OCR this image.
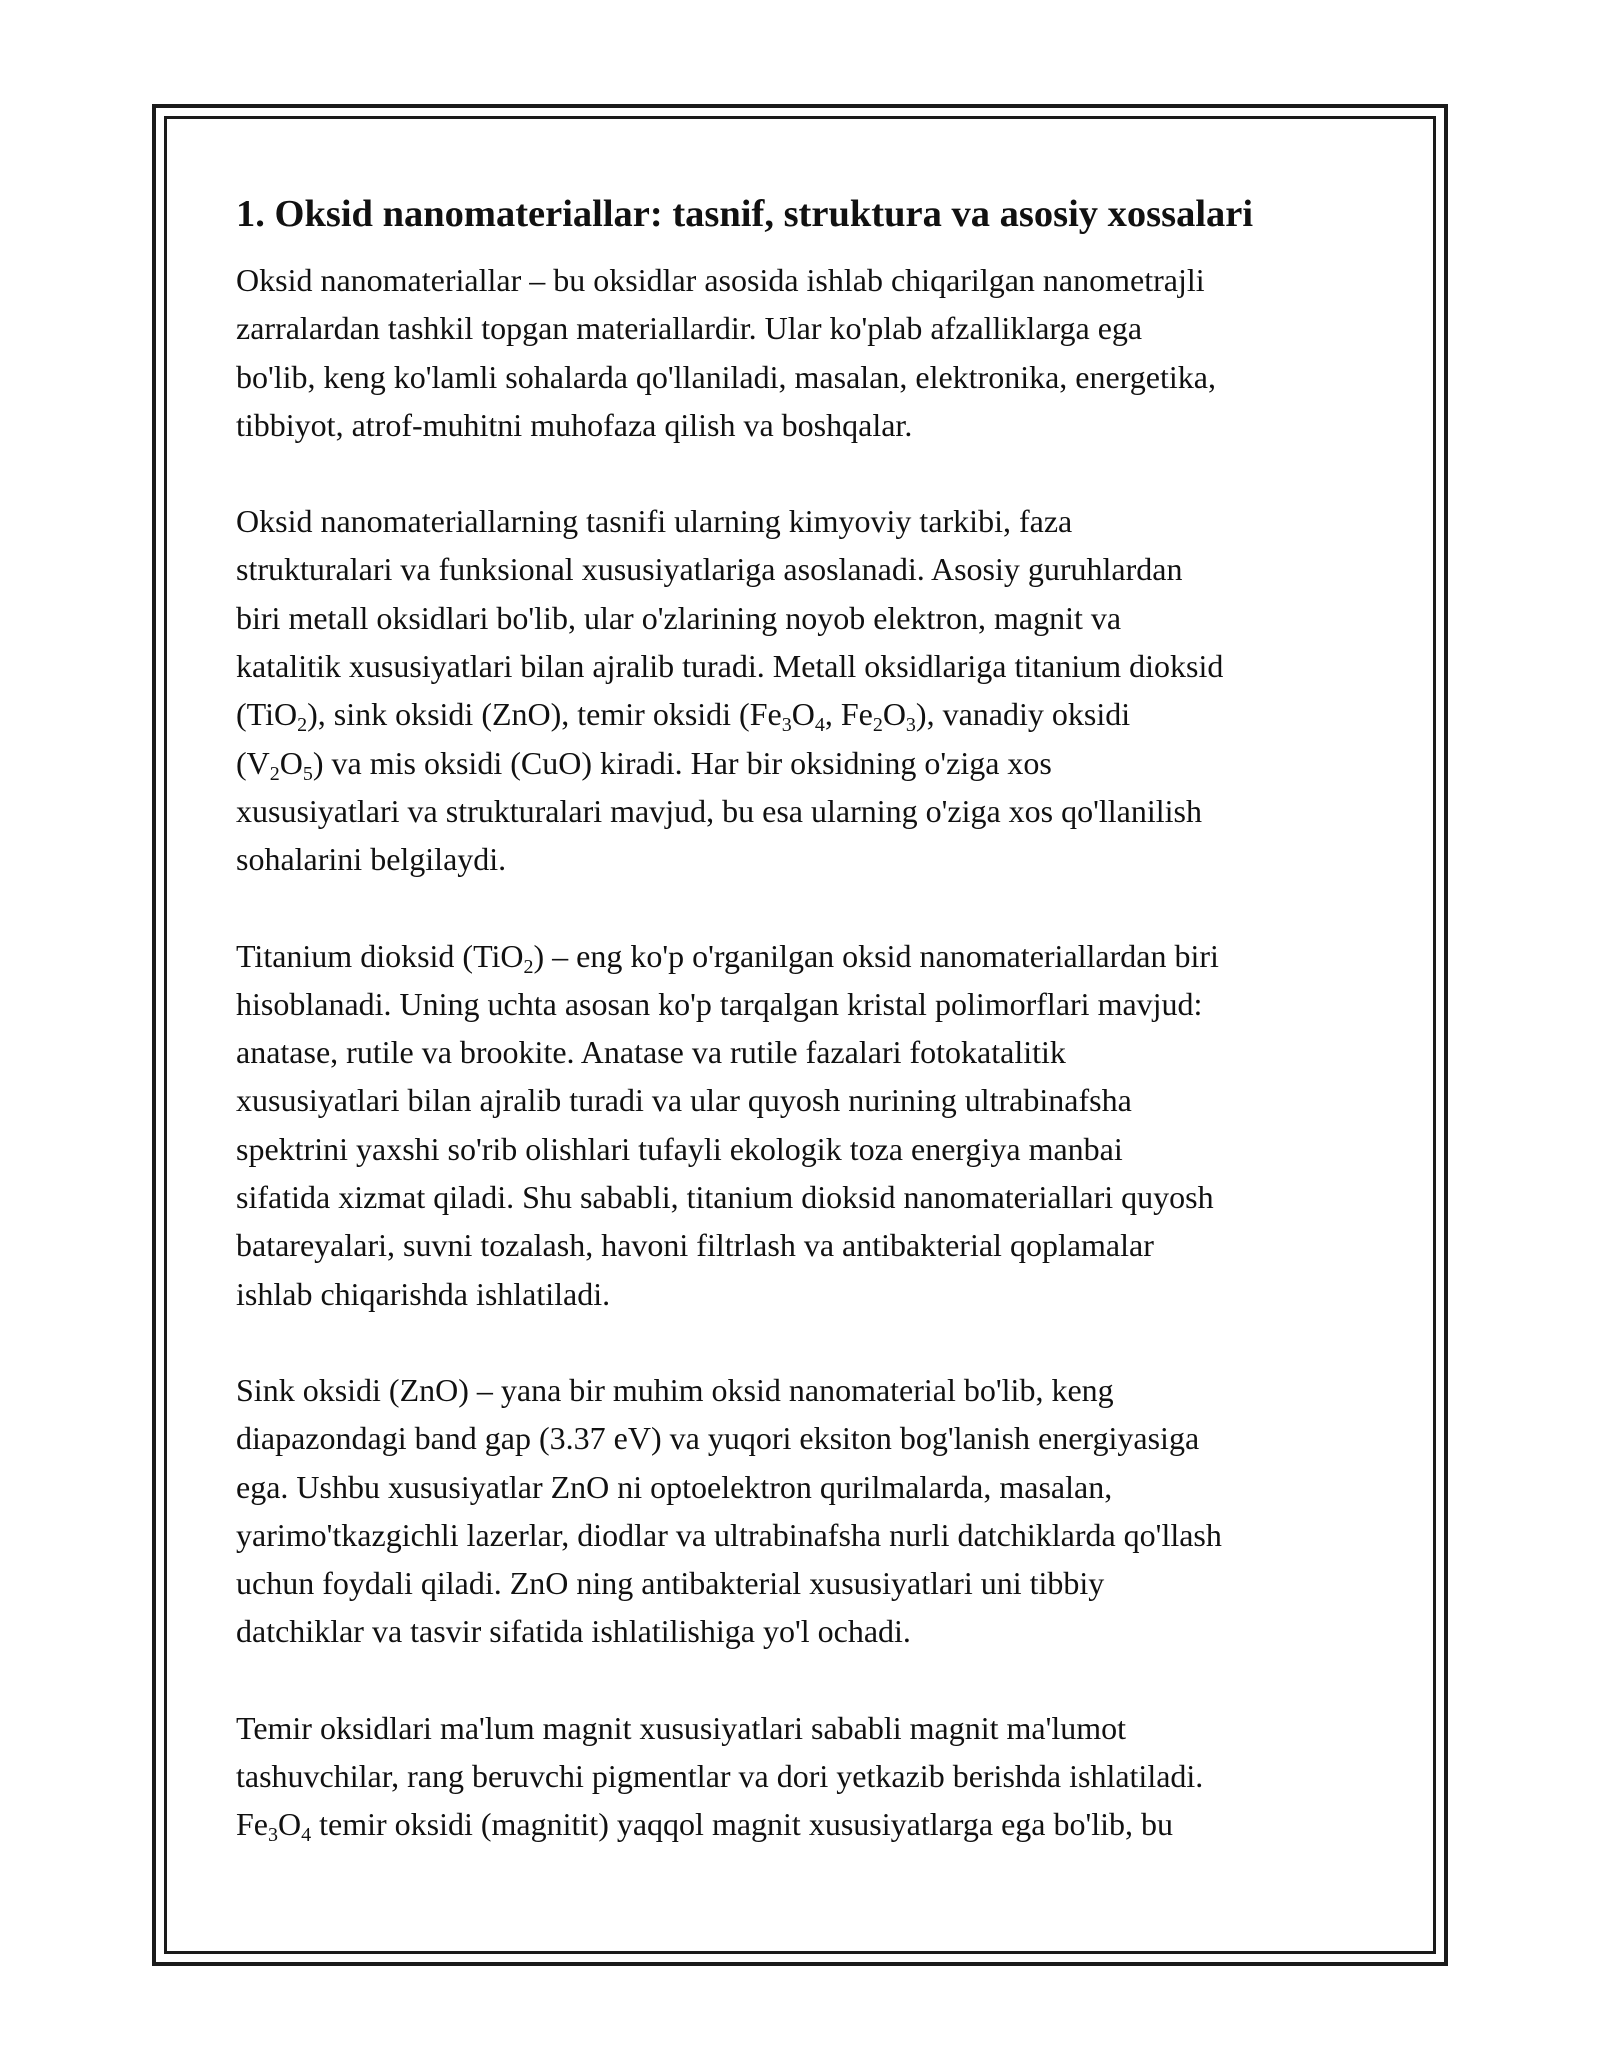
1. Oksid nanomateriallar: tasnif, struktura va asosiy xossalari
Oksid nanomateriallar – bu oksidlar asosida ishlab chiqarilgan nanometrajli
zarralardan tashkil topgan materiallardir. Ular ko'plab afzalliklarga ega
bo'lib, keng ko'lamli sohalarda qo'llaniladi, masalan, elektronika, energetika,
tibbiyot, atrof-muhitni muhofaza qilish va boshqalar.
Oksid nanomateriallarning tasnifi ularning kimyoviy tarkibi, faza
strukturalari va funksional xususiyatlariga asoslanadi. Asosiy guruhlardan
biri metall oksidlari bo'lib, ular o'zlarining noyob elektron, magnit va
katalitik xususiyatlari bilan ajralib turadi. Metall oksidlariga titanium dioksid
(TiO$_2$), sink oksidi (ZnO), temir oksidi ($Fe_3O_4$, $Fe_2O_3$), vanadiy oksidi
$(V_2O_5)$ va mis oksidi (CuO) kiradi. Har bir oksidning o'ziga xos
xususiyatlari va strukturalari mavjud, bu esa ularning o'ziga xos qo'llanilish
sohalarini belgilaydi.
Titanium dioksid (TiO$_2$) – eng ko'p o'rganilgan oksid nanomateriallardan biri
hisoblanadi. Uning uchta asosan ko'p tarqalgan kristal polimorflari mavjud:
anatase, rutile va brookite. Anatase va rutile fazalari fotokatalitik
xususiyatlari bilan ajralib turadi va ular quyosh nurining ultrabinafsha
spektrini yaxshi so'rib olishlari tufayli ekologik toza energiya manbai
sifatida xizmat qiladi. Shu sababli, titanium dioksid nanomateriallari quyosh
batareyalari, suvni tozalash, havoni filtrlash va antibakterial qoplamalar
ishlab chiqarishda ishlatiladi.
Sink oksidi (ZnO) – yana bir muhim oksid nanomaterial bo'lib, keng
diapazondagi band gap (3.37 eV) va yuqori eksiton bog'lanish energiyasiga
ega. Ushbu xususiyatlar ZnO ni optoelektron qurilmalarda, masalan,
yarimo'tkazgichli lazerlar, diodlar va ultrabinafsha nurli datchiklarda qo'llash
uchun foydali qiladi. ZnO ning antibakterial xususiyatlari uni tibbiy
datchiklar va tasvir sifatida ishlatilishiga yo'l ochadi.
Temir oksidlari ma'lum magnit xususiyatlari sababli magnit ma'lumot
tashuvchilar, rang beruvchi pigmentlar va dori yetkazib berishda ishlatiladi.
$Fe_3O_4$ temir oksidi (magnitit) yaqqol magnit xususiyatlarga ega bo'lib, bu
